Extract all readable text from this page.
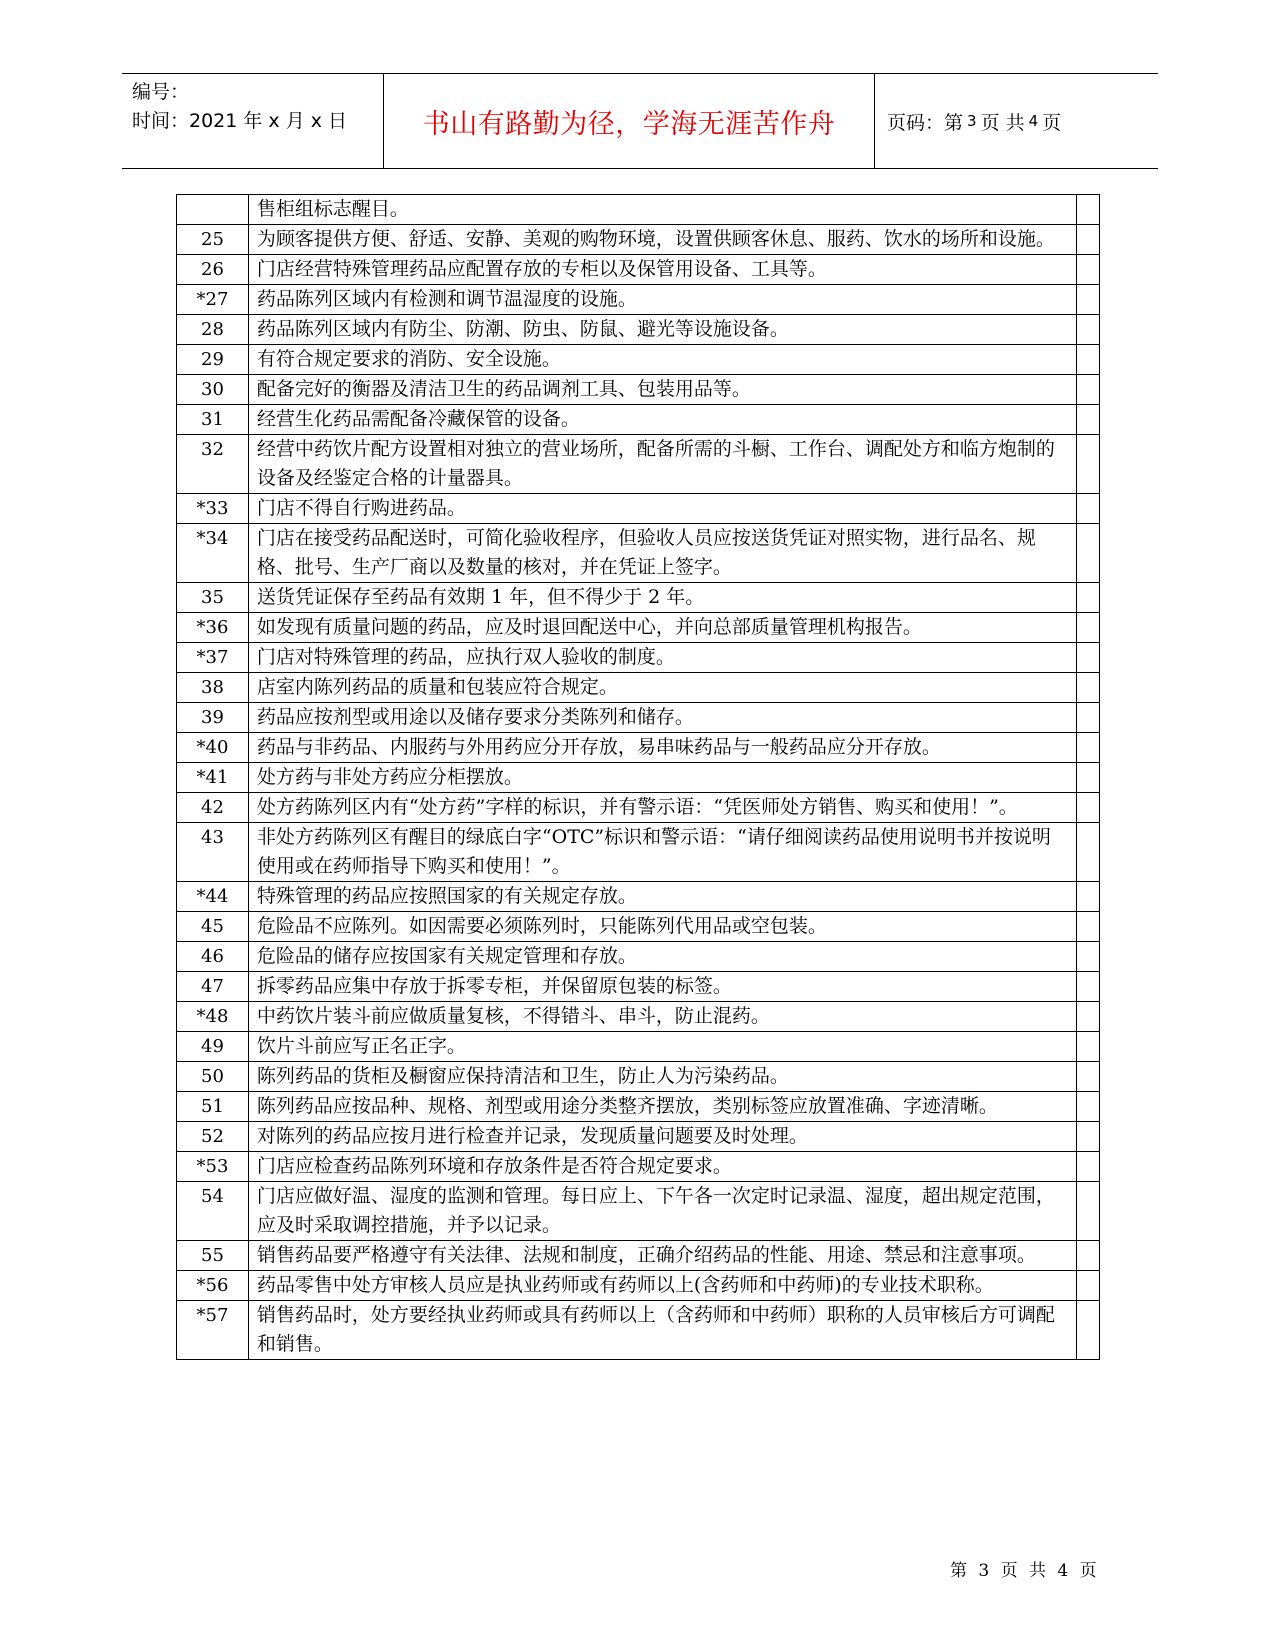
编号：
时间：2021 年 x 月 x 日	书山有路勤为径，学海无涯苦作舟	页码：第 3 页 共 4 页
	售柜组标志醒目。	
25	为顾客提供方便、舒适、安静、美观的购物环境，设置供顾客休息、服药、饮水的场所和设施。	
26	门店经营特殊管理药品应配置存放的专柜以及保管用设备、工具等。	
*27	药品陈列区域内有检测和调节温湿度的设施。	
28	药品陈列区域内有防尘、防潮、防虫、防鼠、避光等设施设备。	
29	有符合规定要求的消防、安全设施。	
30	配备完好的衡器及清洁卫生的药品调剂工具、包装用品等。	
31	经营生化药品需配备冷藏保管的设备。	
32	经营中药饮片配方设置相对独立的营业场所，配备所需的斗橱、工作台、调配处方和临方炮制的设备及经鉴定合格的计量器具。	
*33	门店不得自行购进药品。	
*34	门店在接受药品配送时，可简化验收程序，但验收人员应按送货凭证对照实物，进行品名、规格、批号、生产厂商以及数量的核对，并在凭证上签字。	
35	送货凭证保存至药品有效期 1 年，但不得少于 2 年。	
*36	如发现有质量问题的药品，应及时退回配送中心，并向总部质量管理机构报告。	
*37	门店对特殊管理的药品，应执行双人验收的制度。	
38	店室内陈列药品的质量和包装应符合规定。	
39	药品应按剂型或用途以及储存要求分类陈列和储存。	
*40	药品与非药品、内服药与外用药应分开存放，易串味药品与一般药品应分开存放。	
*41	处方药与非处方药应分柜摆放。	
42	处方药陈列区内有“处方药”字样的标识，并有警示语：“凭医师处方销售、购买和使用！”。	
43	非处方药陈列区有醒目的绿底白字“OTC”标识和警示语：“请仔细阅读药品使用说明书并按说明使用或在药师指导下购买和使用！”。	
*44	特殊管理的药品应按照国家的有关规定存放。	
45	危险品不应陈列。如因需要必须陈列时，只能陈列代用品或空包装。	
46	危险品的储存应按国家有关规定管理和存放。	
47	拆零药品应集中存放于拆零专柜，并保留原包装的标签。	
*48	中药饮片装斗前应做质量复核，不得错斗、串斗，防止混药。	
49	饮片斗前应写正名正字。	
50	陈列药品的货柜及橱窗应保持清洁和卫生，防止人为污染药品。	
51	陈列药品应按品种、规格、剂型或用途分类整齐摆放，类别标签应放置准确、字迹清晰。	
52	对陈列的药品应按月进行检查并记录，发现质量问题要及时处理。	
*53	门店应检查药品陈列环境和存放条件是否符合规定要求。	
54	门店应做好温、湿度的监测和管理。每日应上、下午各一次定时记录温、湿度，超出规定范围，应及时采取调控措施，并予以记录。	
55	销售药品要严格遵守有关法律、法规和制度，正确介绍药品的性能、用途、禁忌和注意事项。	
*56	药品零售中处方审核人员应是执业药师或有药师以上(含药师和中药师)的专业技术职称。	
*57	销售药品时，处方要经执业药师或具有药师以上（含药师和中药师）职称的人员审核后方可调配和销售。	
第 3 页 共 4 页
